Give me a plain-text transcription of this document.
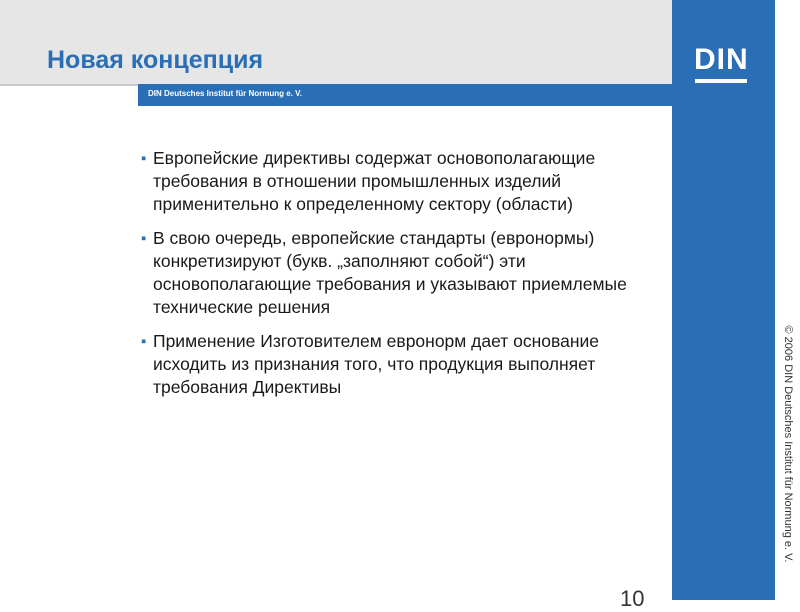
Новая концепция
DIN Deutsches Institut für Normung e. V.
DIN
© 2006 DIN Deutsches Institut für Normung e. V.
▪ Европейские директивы содержат основополагающие требования в отношении промышленных изделий применительно к определенному сектору (области)
▪ В свою очередь, европейские стандарты (евронормы) конкретизируют (букв. „заполняют собой“) эти основополагающие требования и указывают приемлемые технические решения
▪ Применение Изготовителем евронорм дает основание исходить из признания того, что продукция выполняет требования Директивы
10
